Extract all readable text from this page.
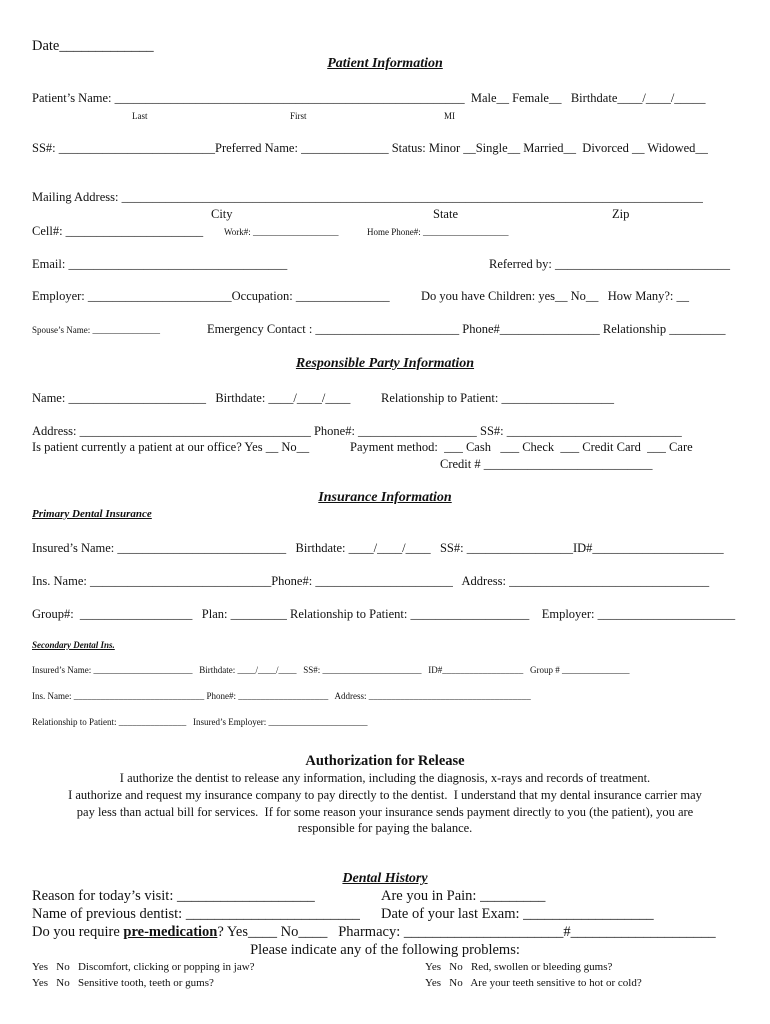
Date_____________
Patient Information
Patient’s Name: ________________________________________________________  Male__ Female__   Birthdate____/____/_____
Last	First	MI
SS#: _________________________Preferred Name: ______________ Status: Minor __Single__ Married__  Divorced __ Widowed__
Mailing Address: _____________________________________________________________________________________________
City	State	Zip
Cell#: ______________________ Work#: ___________________	Home Phone#: ___________________
Email: ___________________________________	Referred by: ____________________________
Employer: _______________________Occupation: _______________	Do you have Children: yes__ No__   How Many?: __
Spouse’s Name: _______________	Emergency Contact : _______________________ Phone#________________ Relationship _________
Responsible Party Information
Name: ______________________   Birthdate: ____/____/____ Relationship to Patient: __________________
Address: _____________________________________ Phone#: ___________________ SS#: ____________________________
Is patient currently a patient at our office? Yes __ No__	Payment method:  ___ Cash   ___ Check  ___ Credit Card  ___ Care
Credit # ___________________________
Insurance Information
Primary Dental Insurance
Insured’s Name: ___________________________   Birthdate: ____/____/____   SS#: _________________ID#_____________________
Ins. Name: _____________________________Phone#: ______________________   Address: ________________________________
Group#:  __________________   Plan: _________ Relationship to Patient: ___________________    Employer: ______________________
Secondary Dental Ins.
Insured’s Name: ______________________   Birthdate: ____/____/____   SS#: ______________________   ID#__________________   Group # _______________
Ins. Name: _____________________________ Phone#: ____________________   Address: ____________________________________
Relationship to Patient: _______________   Insured’s Employer: ______________________
Authorization for Release
I authorize the dentist to release any information, including the diagnosis, x-rays and records of treatment.
I authorize and request my insurance company to pay directly to the dentist.  I understand that my dental insurance carrier may
pay less than actual bill for services.  If for some reason your insurance sends payment directly to you (the patient), you are
responsible for paying the balance.
Dental History
Reason for today’s visit: ___________________	Are you in Pain: _________
Name of previous dentist: ________________________ Date of your last Exam: __________________
Do you require pre-medication? Yes____ No____   Pharmacy: ______________________#____________________
Please indicate any of the following problems:
Yes   No   Discomfort, clicking or popping in jaw?	Yes   No   Red, swollen or bleeding gums?
Yes   No   Sensitive tooth, teeth or gums?	Yes   No   Are your teeth sensitive to hot or cold?
